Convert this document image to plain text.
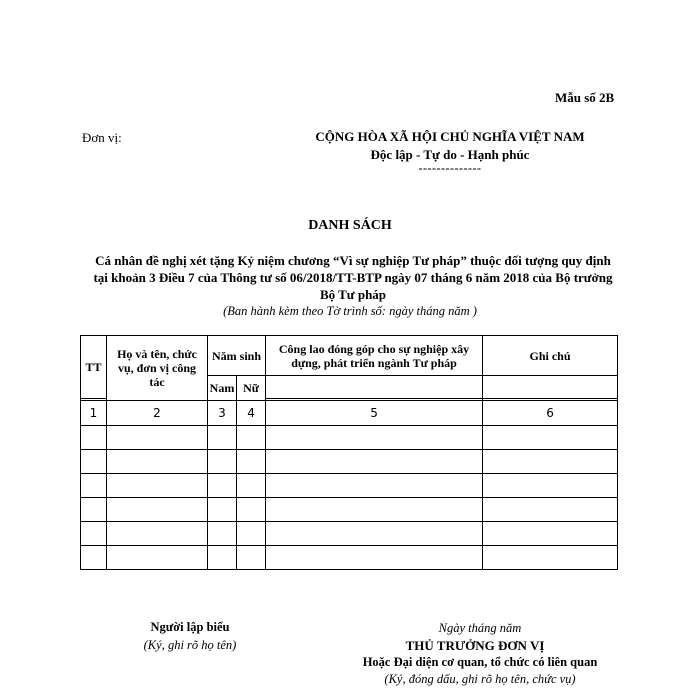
Mẫu số 2B
Đơn vị:	CỘNG HÒA XÃ HỘI CHỦ NGHĨA VIỆT NAM
Độc lập - Tự do - Hạnh phúc
--------------
DANH SÁCH
Cá nhân đề nghị xét tặng Kỷ niệm chương “Vì sự nghiệp Tư pháp” thuộc đối tượng quy định tại khoản 3 Điều 7 của Thông tư số 06/2018/TT-BTP ngày 07 tháng 6 năm 2018 của Bộ trưởng Bộ Tư pháp
(Ban hành kèm theo Tờ trình số: ngày tháng năm )
TT	Họ và tên, chức vụ, đơn vị công tác	Năm sinh		Công lao đóng góp cho sự nghiệp xây dựng, phát triển ngành Tư pháp	Ghi chú
		Nam	Nữ		

1	2	3	4	5	6

Người lập biểu
(Ký, ghi rõ họ tên)
Ngày tháng năm
THỦ TRƯỞNG ĐƠN VỊ
Hoặc Đại diện cơ quan, tổ chức có liên quan
(Ký, đóng dấu, ghi rõ họ tên, chức vụ)
